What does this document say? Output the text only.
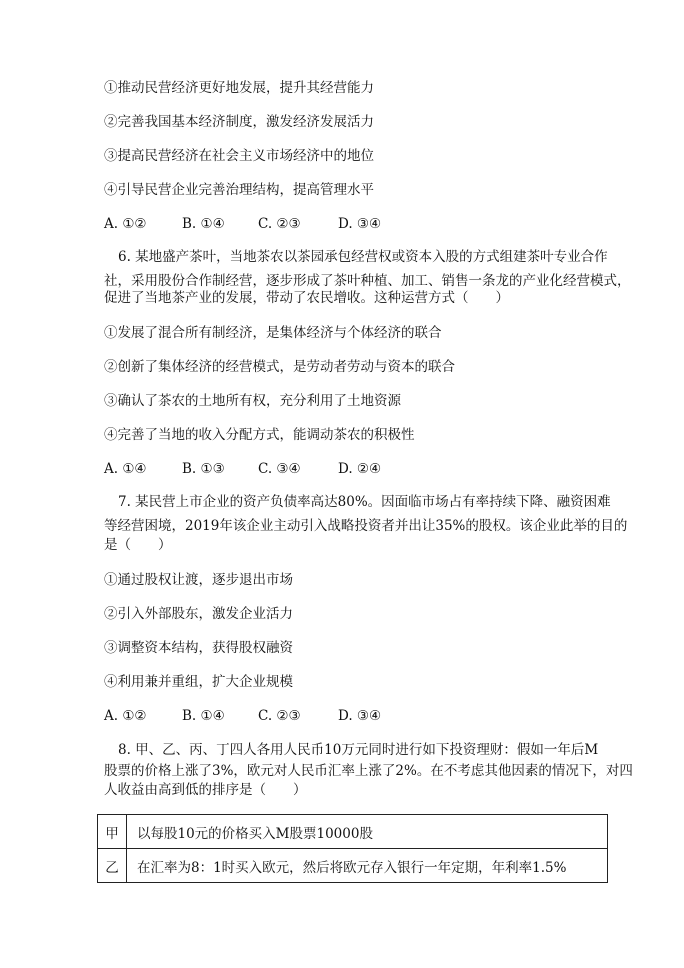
①推动民营经济更好地发展，提升其经营能力
②完善我国基本经济制度，激发经济发展活力
③提高民营经济在社会主义市场经济中的地位
④引导民营企业完善治理结构，提高管理水平
A. ①②	B. ①④ C. ②③	D. ③④
6. 某地盛产茶叶，当地茶农以茶园承包经营权或资本入股的方式组建茶叶专业合作
社，采用股份合作制经营，逐步形成了茶叶种植、加工、销售一条龙的产业化经营模式，
促进了当地茶产业的发展，带动了农民增收。这种运营方式（　　）
①发展了混合所有制经济，是集体经济与个体经济的联合
②创新了集体经济的经营模式，是劳动者劳动与资本的联合
③确认了茶农的土地所有权，充分利用了土地资源
④完善了当地的收入分配方式，能调动茶农的积极性
A. ①④	B. ①③ C. ③④	D. ②④
7. 某民营上市企业的资产负债率高达80%。因面临市场占有率持续下降、融资困难
等经营困境，2019年该企业主动引入战略投资者并出让35%的股权。该企业此举的目的
是（　　）
①通过股权让渡，逐步退出市场
②引入外部股东，激发企业活力
③调整资本结构，获得股权融资
④利用兼并重组，扩大企业规模
A. ①②	B. ①④ C. ②③	D. ③④
8. 甲、乙、丙、丁四人各用人民币10万元同时进行如下投资理财：假如一年后M
股票的价格上涨了3%，欧元对人民币汇率上涨了2%。在不考虑其他因素的情况下，对四
人收益由高到低的排序是（　　）
甲	以每股10元的价格买入M股票10000股
乙	在汇率为8：1时买入欧元，然后将欧元存入银行一年定期，年利率1.5%
